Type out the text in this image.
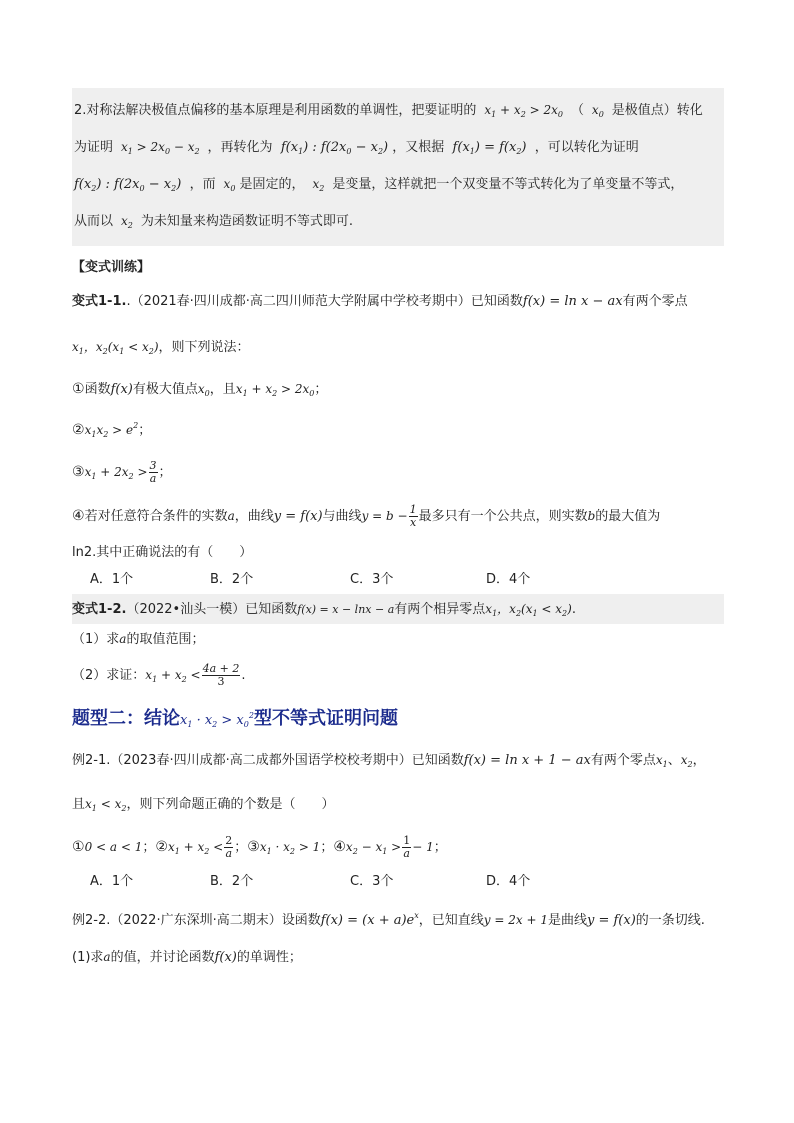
2.对称法解决极值点偏移的基本原理是利用函数的单调性，把要证明的  $x_1 + x_2 > 2x_0$ （  $x_0$ 是极值点）转化
为证明  $x_1 > 2x_0 - x_2$ ，再转化为  $f(x_1)$ : $f(2x_0 - x_2)$ ，又根据  $f(x_1) = f(x_2)$  ，可以转化为证明
$f(x_2)$ : $f(2x_0 - x_2)$  ，而  $x_0$ 是固定的，  $x_2$ 是变量，这样就把一个双变量不等式转化为了单变量不等式，
从而以  $x_2$ 为未知量来构造函数证明不等式即可.
【变式训练】
变式1-1..（2021春·四川成都·高二四川师范大学附属中学校考期中）已知函数f(x) = ln x − ax有两个零点
$x_1$，$x_2(x_1 < x_2)$，则下列说法：
①函数f(x)有极大值点$x_0$，且$x_1 + x_2 > 2x_0$；
$②x_1x_2 > e^2$；
$③x_1 + 2x_2 > \frac{3}{a}$ ；
④若对任意符合条件的实数a，曲线y = f(x)与曲线$y = b - \frac{1}{x}$ 最多只有一个公共点，则实数b的最大值为
ln2.其中正确说法的有（　　）
A．1个	B．2个	C．3个	D．4个
变式1-2.（2022•汕头一模）已知函数f(x) = x − lnx − a有两个相异零点$x_1$，$x_2(x_1 < x_2)$.
（1）求a的取值范围；
（2）求证：$x_1 + x_2 < \frac{4a + 2}{3}$ .
题型二：结论$x_1 \cdot x_2 > x_0^2$型不等式证明问题
例2-1.（2023春·四川成都·高二成都外国语学校校考期中）已知函数f(x) = ln x + 1 − ax有两个零点$x_1$、$x_2$，
且$x_1 < x_2$，则下列命题正确的个数是（　　）
①0 < a < 1；$②x_1 + x_2 < \frac{2}{a}$ ；$③x_1 \cdot x_2 > 1$；$④x_2 - x_1 > \frac{1}{a} - 1$；
A．1个	B．2个	C．3个	D．4个
例2-2.（2022·广东深圳·高二期末）设函数$f(x) = (x + a)e^x$，已知直线y = 2x + 1是曲线y = f(x)的一条切线.
(1)求a的值，并讨论函数f(x)的单调性；
